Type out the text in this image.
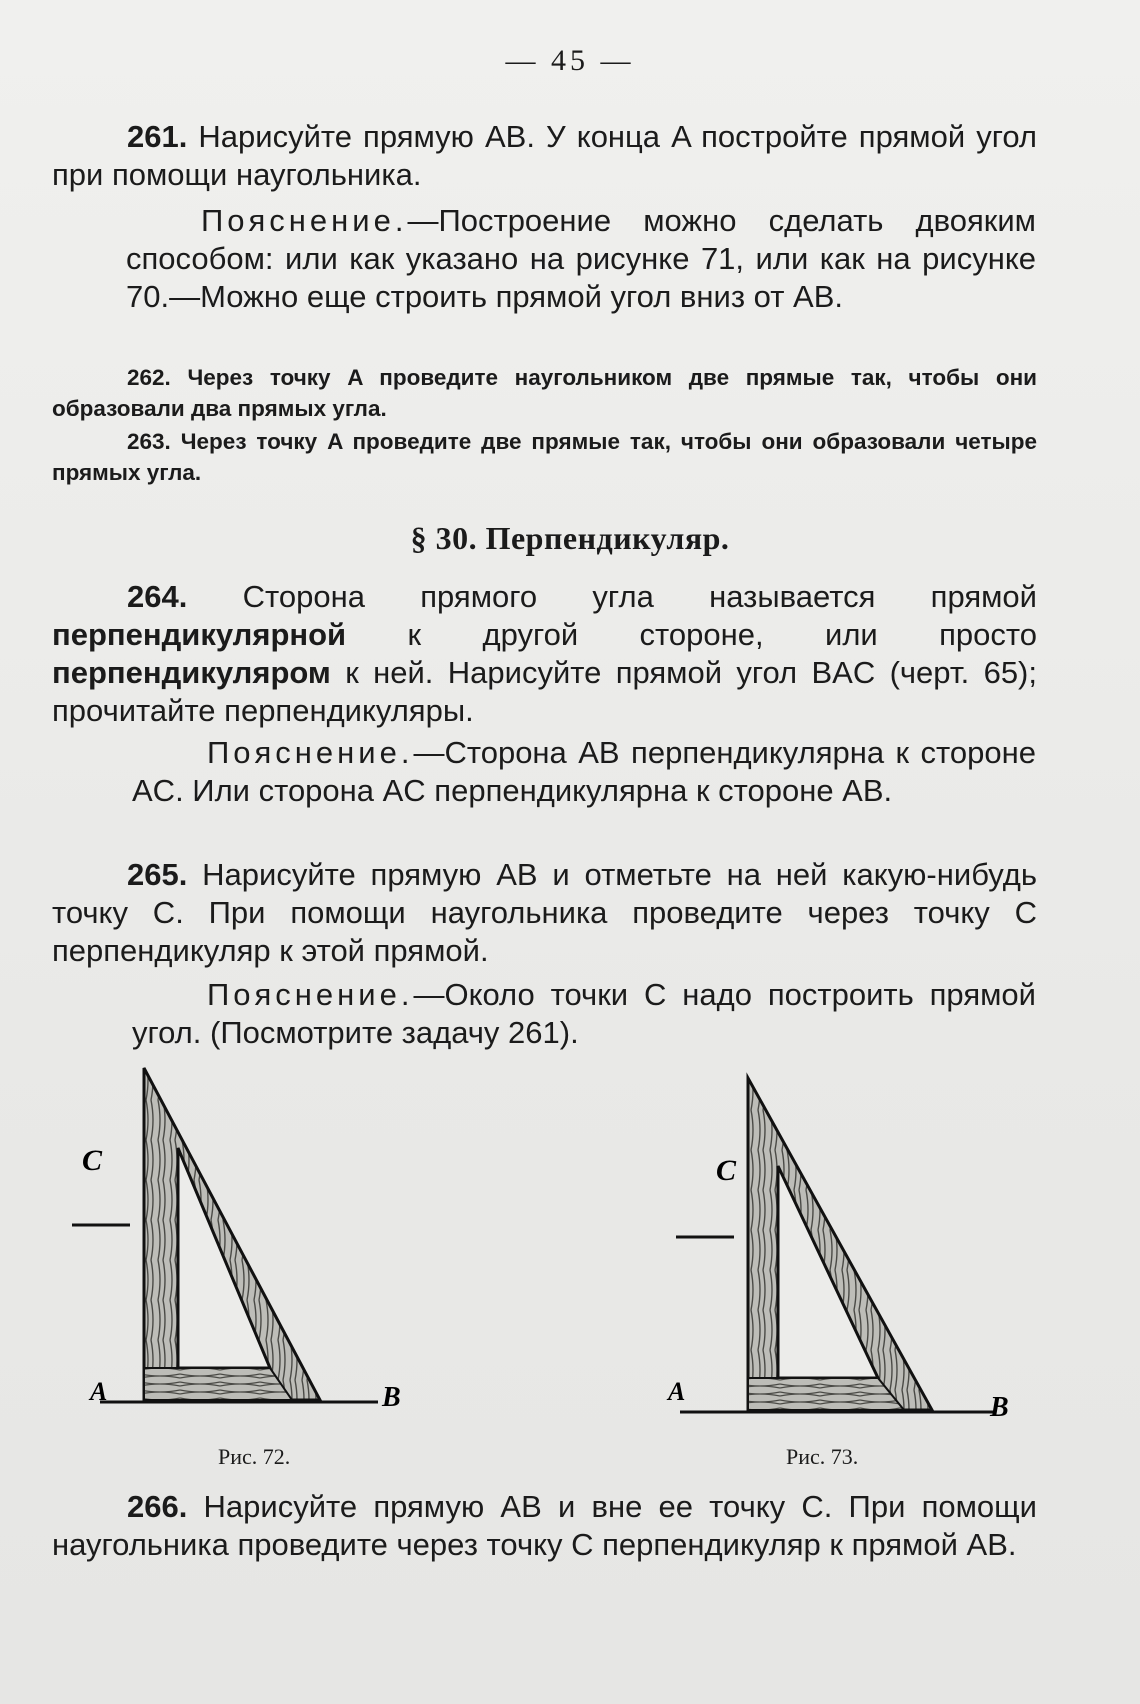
— 45 —

261. Нарисуйте прямую AB. У конца A постройте прямой угол при помощи наугольника.

Пояснение.—Построение можно сделать двояким способом: или как указано на рисунке 71, или как на рисунке 70.—Можно еще строить прямой угол вниз от AB.

262. Через точку A проведите наугольником две прямые так, чтобы они образовали два прямых угла.

263. Через точку A проведите две прямые так, чтобы они образовали четыре прямых угла.

§ 30. Перпендикуляр.

264. Сторона прямого угла называется прямой перпендикулярной к другой стороне, или просто перпендикуляром к ней. Нарисуйте прямой угол BAC (черт. 65); прочитайте перпендикуляры.

Пояснение.—Сторона AB перпендикулярна к стороне AC. Или сторона AC перпендикулярна к стороне AB.

265. Нарисуйте прямую AB и отметьте на ней какую-нибудь точку C. При помощи наугольника проведите через точку C перпендикуляр к этой прямой.

Пояснение.—Около точки C надо построить прямой угол. (Посмотрите задачу 261).

C
A	B
Рис. 72.
C
A
B
Рис. 73.

266. Нарисуйте прямую AB и вне ее точку C. При помощи наугольника проведите через точку C перпендикуляр к прямой AB.
